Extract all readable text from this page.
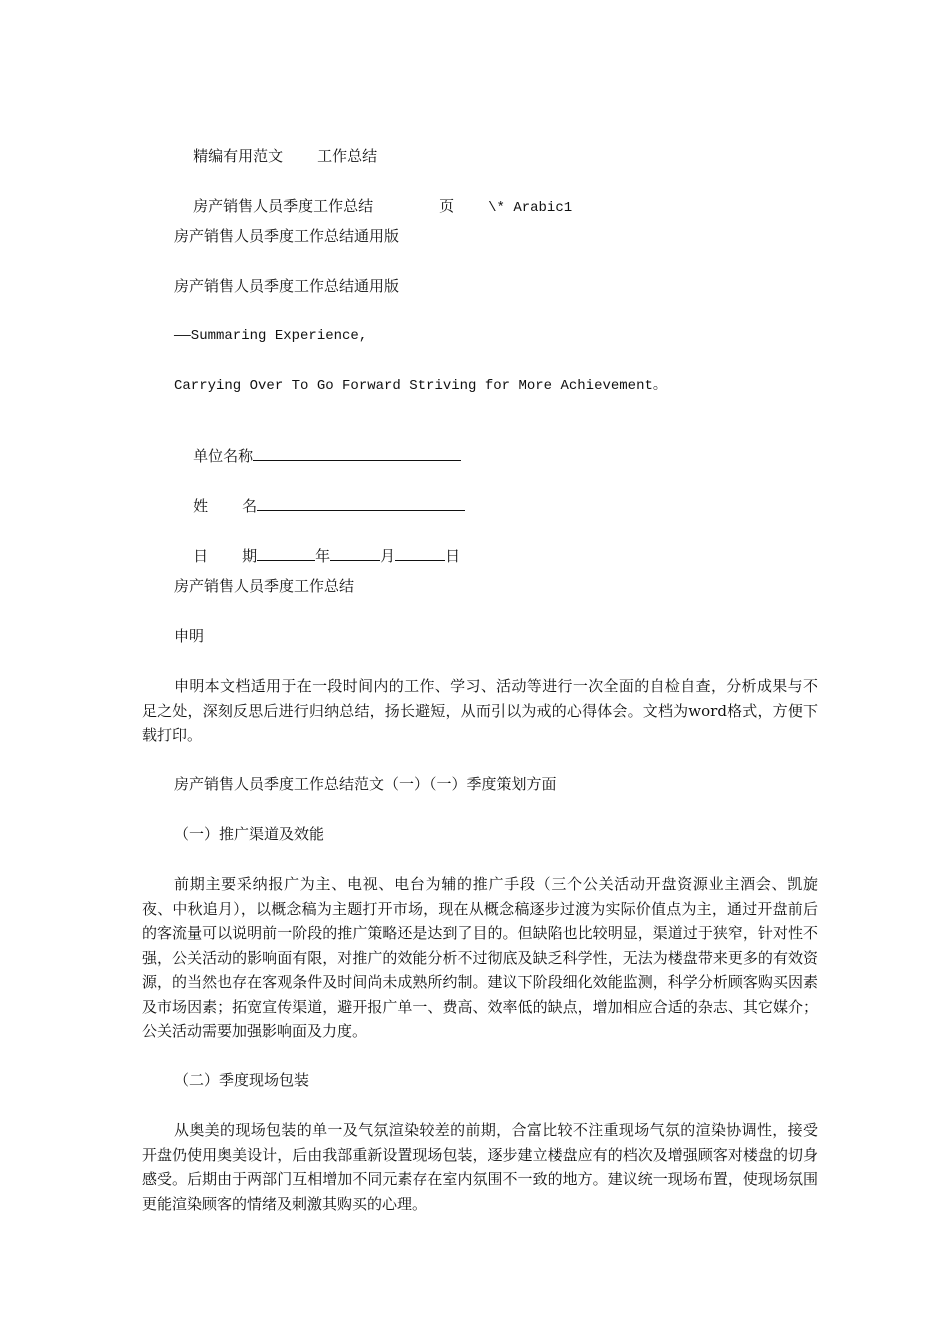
精编有用范文 工作总结

房产销售人员季度工作总结	页 \* Arabic1

房产销售人员季度工作总结通用版
房产销售人员季度工作总结通用版
——Summaring Experience,
Carrying Over To Go Forward Striving for More Achievement。

单位名称

姓 名

日 期	年	月	日

房产销售人员季度工作总结
申明
申明本文档适用于在一段时间内的工作、学习、活动等进行一次全面的自检自查，分析成果与不足之处，深刻反思后进行归纳总结，扬长避短，从而引以为戒的心得体会。文档为word格式，方便下载打印。
房产销售人员季度工作总结范文（一）（一）季度策划方面
（一）推广渠道及效能
前期主要采纳报广为主、电视、电台为辅的推广手段（三个公关活动开盘资源业主酒会、凯旋夜、中秋追月），以概念稿为主题打开市场，现在从概念稿逐步过渡为实际价值点为主，通过开盘前后的客流量可以说明前一阶段的推广策略还是达到了目的。但缺陷也比较明显，渠道过于狭窄，针对性不强，公关活动的影响面有限，对推广的效能分析不过彻底及缺乏科学性，无法为楼盘带来更多的有效资源，的当然也存在客观条件及时间尚未成熟所约制。建议下阶段细化效能监测，科学分析顾客购买因素及市场因素；拓宽宣传渠道，避开报广单一、费高、效率低的缺点，增加相应合适的杂志、其它媒介；公关活动需要加强影响面及力度。
（二）季度现场包装
从奥美的现场包装的单一及气氛渲染较差的前期，合富比较不注重现场气氛的渲染协调性，接受开盘仍使用奥美设计，后由我部重新设置现场包装，逐步建立楼盘应有的档次及增强顾客对楼盘的切身感受。后期由于两部门互相增加不同元素存在室内氛围不一致的地方。建议统一现场布置，使现场氛围更能渲染顾客的情绪及刺激其购买的心理。
